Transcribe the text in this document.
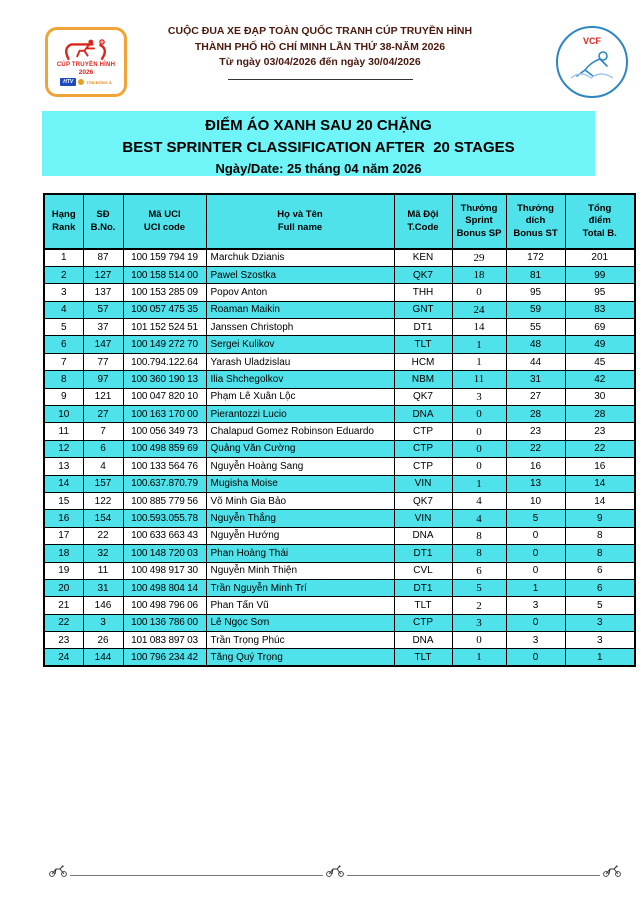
CÚP TRUYỀN HÌNH
2026
HTV	TÔN ĐÔNG Á
CUỘC ĐUA XE ĐẠP TOÀN QUỐC TRANH CÚP TRUYỀN HÌNH
THÀNH PHỐ HỒ CHÍ MINH LẦN THỨ 38-NĂM 2026
Từ ngày 03/04/2026 đến ngày 30/04/2026
VCF
ĐIỂM ÁO XANH SAU 20 CHẶNG
BEST SPRINTER CLASSIFICATION AFTER  20 STAGES
Ngày/Date: 25 tháng 04 năm 2026
Hạng
Rank

SĐ
B.No.

Mã UCI
UCI code

Họ và Tên
Full name

Mã Đội
T.Code

Thưởng
Sprint
Bonus SP

Thưởng
dích
Bonus ST

Tổng
điểm
Total B.

1	87	100 159 794 19	Marchuk Dzianis	KEN	29	172	201
2	127	100 158 514 00	Pawel Szostka	QK7	18	81	99
3	137	100 153 285 09	Popov Anton	THH	0	95	95
4	57	100 057 475 35	Roaman Maikin	GNT	24	59	83
5	37	101 152 524 51	Janssen Christoph	DT1	14	55	69
6	147	100 149 272 70	Sergei Kulikov	TLT	1	48	49
7	77	100.794.122.64	Yarash Uladzislau	HCM	1	44	45
8	97	100 360 190 13	Ilia Shchegolkov	NBM	11	31	42
9	121	100 047 820 10	Phạm Lê Xuân Lộc	QK7	3	27	30
10	27	100 163 170 00	Pierantozzi Lucio	DNA	0	28	28
11	7	100 056 349 73	Chalapud Gomez Robinson Eduardo	CTP	0	23	23
12	6	100 498 859 69	Quảng Văn Cường	CTP	0	22	22
13	4	100 133 564 76	Nguyễn Hoàng Sang	CTP	0	16	16
14	157	100.637.870.79	Mugisha Moise	VIN	1	13	14
15	122	100 885 779 56	Võ Minh Gia Bảo	QK7	4	10	14
16	154	100.593.055.78	Nguyễn Thắng	VIN	4	5	9
17	22	100 633 663 43	Nguyễn Hướng	DNA	8	0	8
18	32	100 148 720 03	Phan Hoàng Thái	DT1	8	0	8
19	11	100 498 917 30	Nguyễn Minh Thiện	CVL	6	0	6
20	31	100 498 804 14	Trần Nguyễn Minh Trí	DT1	5	1	6
21	146	100 498 796 06	Phan Tấn Vũ	TLT	2	3	5
22	3	100 136 786 00	Lê Ngọc Sơn	CTP	3	0	3
23	26	101 083 897 03	Trần Trọng Phúc	DNA	0	3	3
24	144	100 796 234 42	Tăng Quý Trọng	TLT	1	0	1
